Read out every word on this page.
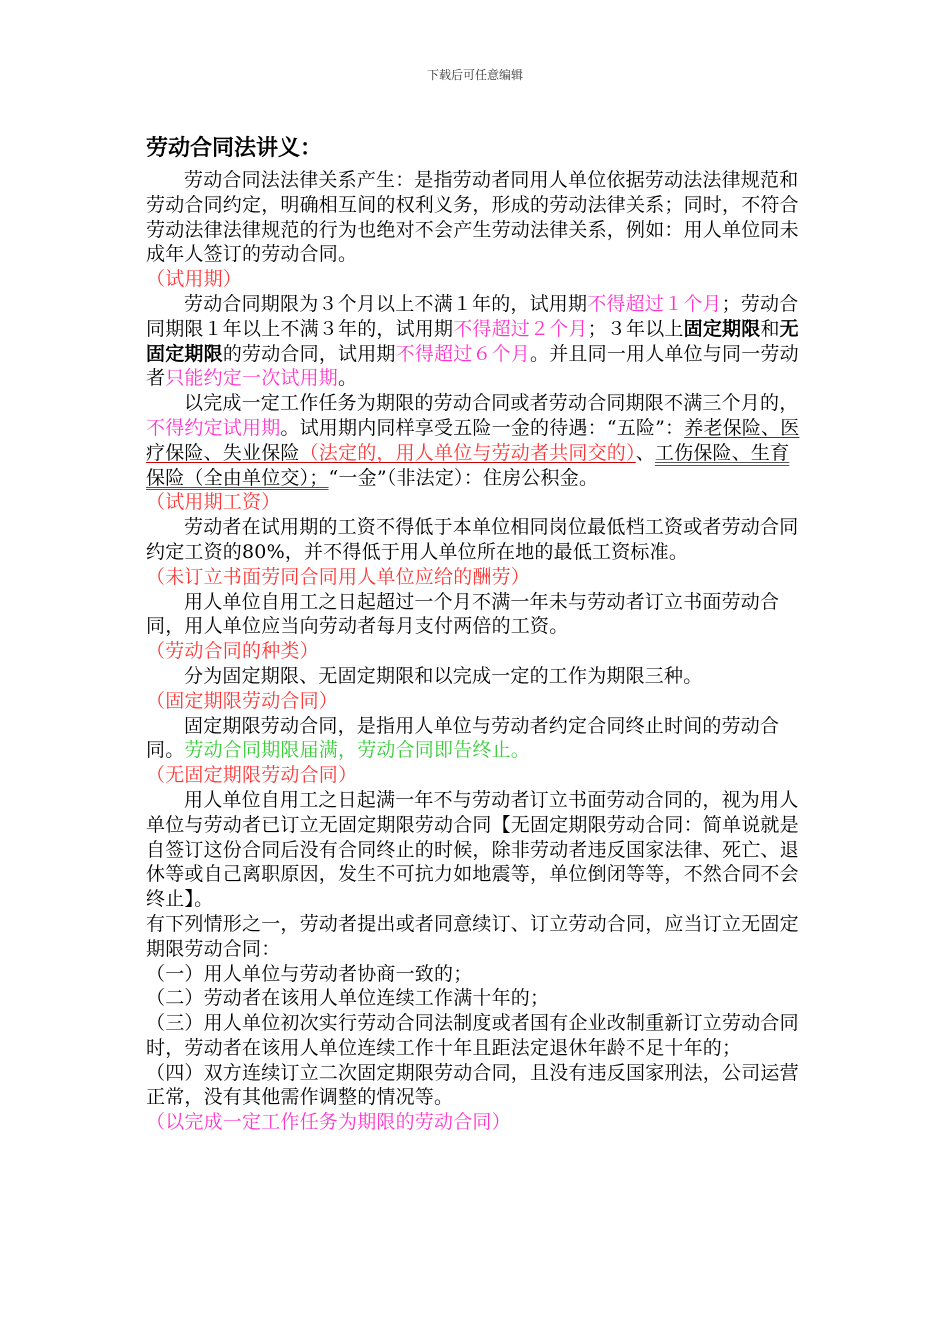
下载后可任意编辑
劳动合同法讲义：

劳动合同法法律关系产生：是指劳动者同用人单位依据劳动法法律规范和劳动合同约定，明确相互间的权利义务，形成的劳动法律关系；同时，不符合劳动法律法律规范的行为也绝对不会产生劳动法律关系，例如：用人单位同未成年人签订的劳动合同。

（试用期）

劳动合同期限为３个月以上不满１年的，试用期不得超过１个月；劳动合同期限１年以上不满３年的，试用期不得超过２个月；３年以上固定期限和无固定期限的劳动合同，试用期不得超过６个月。并且同一用人单位与同一劳动者只能约定一次试用期。

以完成一定工作任务为期限的劳动合同或者劳动合同期限不满三个月的，不得约定试用期。试用期内同样享受五险一金的待遇：“五险”：养老保险、医疗保险、失业保险（法定的，用人单位与劳动者共同交的）、工伤保险、生育保险（全由单位交）；“一金”（非法定）：住房公积金。

（试用期工资）

劳动者在试用期的工资不得低于本单位相同岗位最低档工资或者劳动合同约定工资的80%，并不得低于用人单位所在地的最低工资标准。

（未订立书面劳同合同用人单位应给的酬劳）

用人单位自用工之日起超过一个月不满一年未与劳动者订立书面劳动合同，用人单位应当向劳动者每月支付两倍的工资。

（劳动合同的种类）

分为固定期限、无固定期限和以完成一定的工作为期限三种。

（固定期限劳动合同）

固定期限劳动合同，是指用人单位与劳动者约定合同终止时间的劳动合同。劳动合同期限届满，劳动合同即告终止。

（无固定期限劳动合同）

用人单位自用工之日起满一年不与劳动者订立书面劳动合同的，视为用人单位与劳动者已订立无固定期限劳动合同【无固定期限劳动合同：简单说就是自签订这份合同后没有合同终止的时候，除非劳动者违反国家法律、死亡、退休等或自己离职原因，发生不可抗力如地震等，单位倒闭等等，不然合同不会终止】。

有下列情形之一，劳动者提出或者同意续订、订立劳动合同，应当订立无固定期限劳动合同：

（一）用人单位与劳动者协商一致的；

（二）劳动者在该用人单位连续工作满十年的；

（三）用人单位初次实行劳动合同法制度或者国有企业改制重新订立劳动合同时，劳动者在该用人单位连续工作十年且距法定退休年龄不足十年的；

（四）双方连续订立二次固定期限劳动合同，且没有违反国家刑法，公司运营正常，没有其他需作调整的情况等。

（以完成一定工作任务为期限的劳动合同）
